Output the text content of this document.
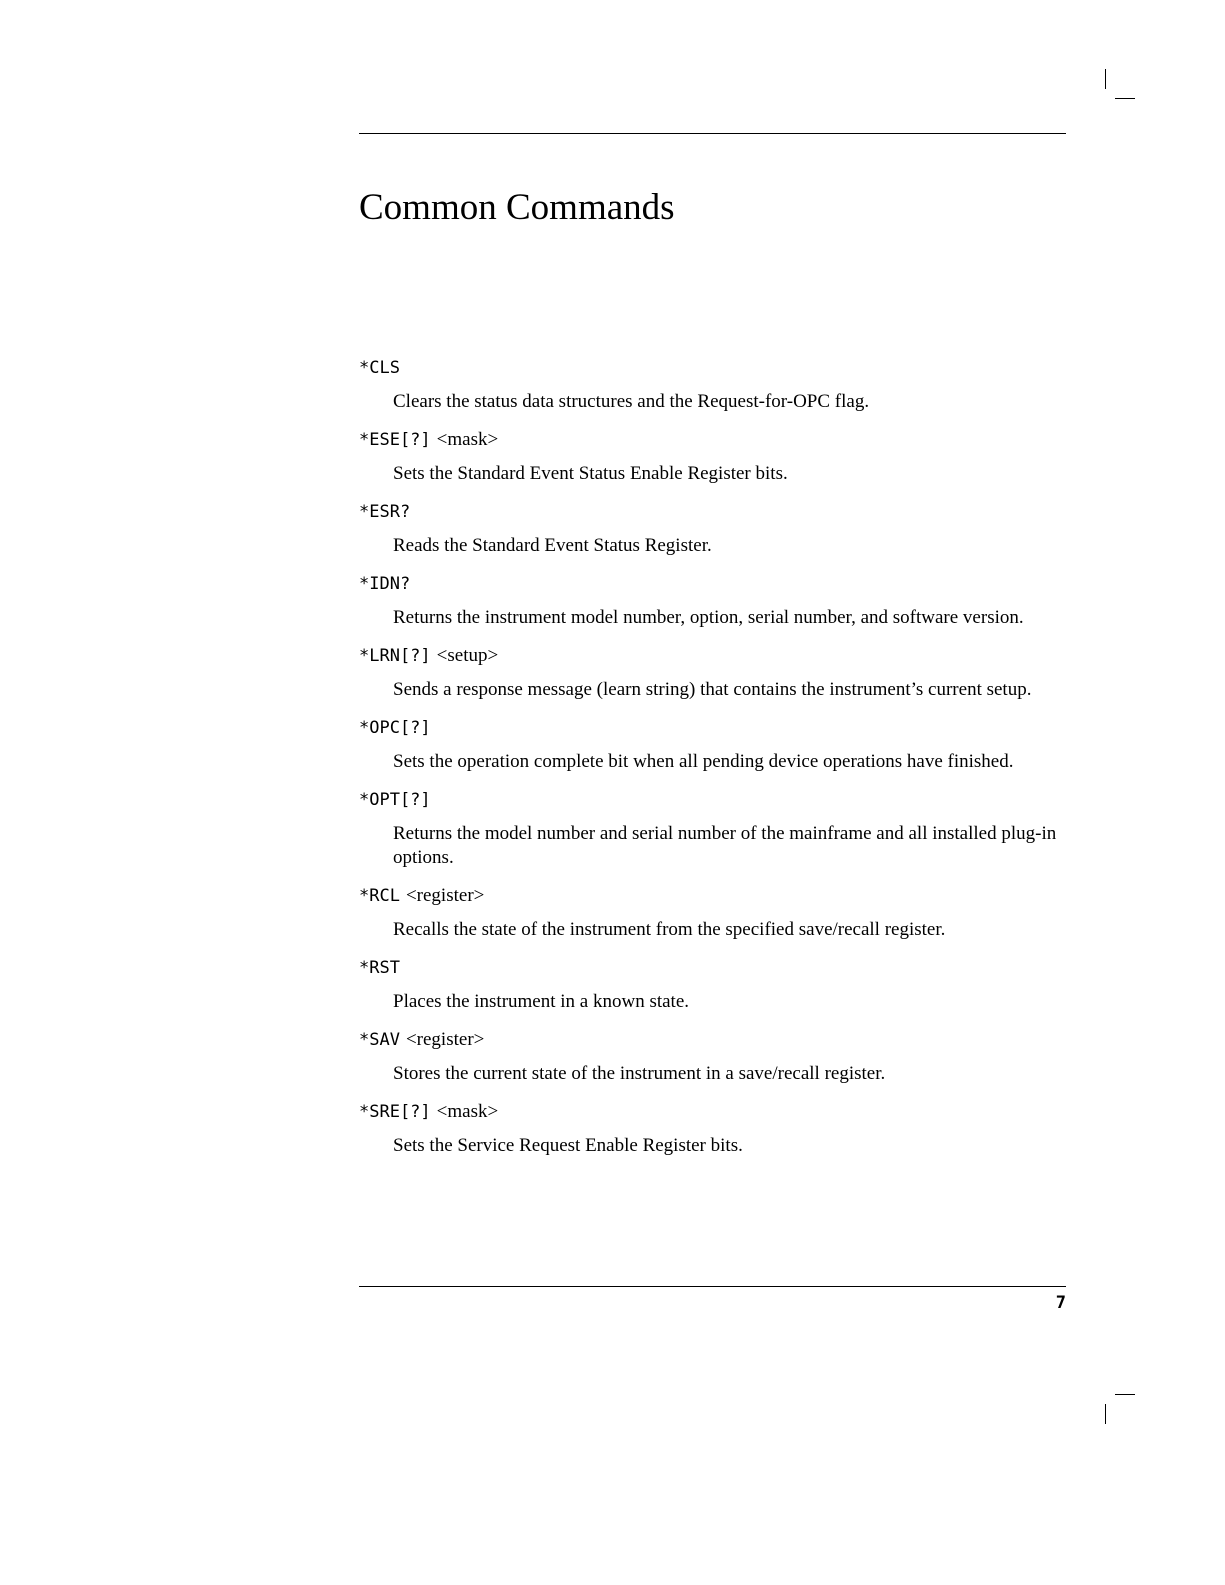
Common Commands
*CLS

Clears the status data structures and the Request-for-OPC flag.

*ESE[?] <mask>

Sets the Standard Event Status Enable Register bits.

*ESR?

Reads the Standard Event Status Register.

*IDN?

Returns the instrument model number, option, serial number, and software version.

*LRN[?] <setup>

Sends a response message (learn string) that contains the instrument’s current setup.

*OPC[?]

Sets the operation complete bit when all pending device operations have finished.

*OPT[?]

Returns the model number and serial number of the mainframe and all installed plug-in options.

*RCL <register>

Recalls the state of the instrument from the specified save/recall register.

*RST

Places the instrument in a known state.

*SAV <register>

Stores the current state of the instrument in a save/recall register.

*SRE[?] <mask>

Sets the Service Request Enable Register bits.

7
